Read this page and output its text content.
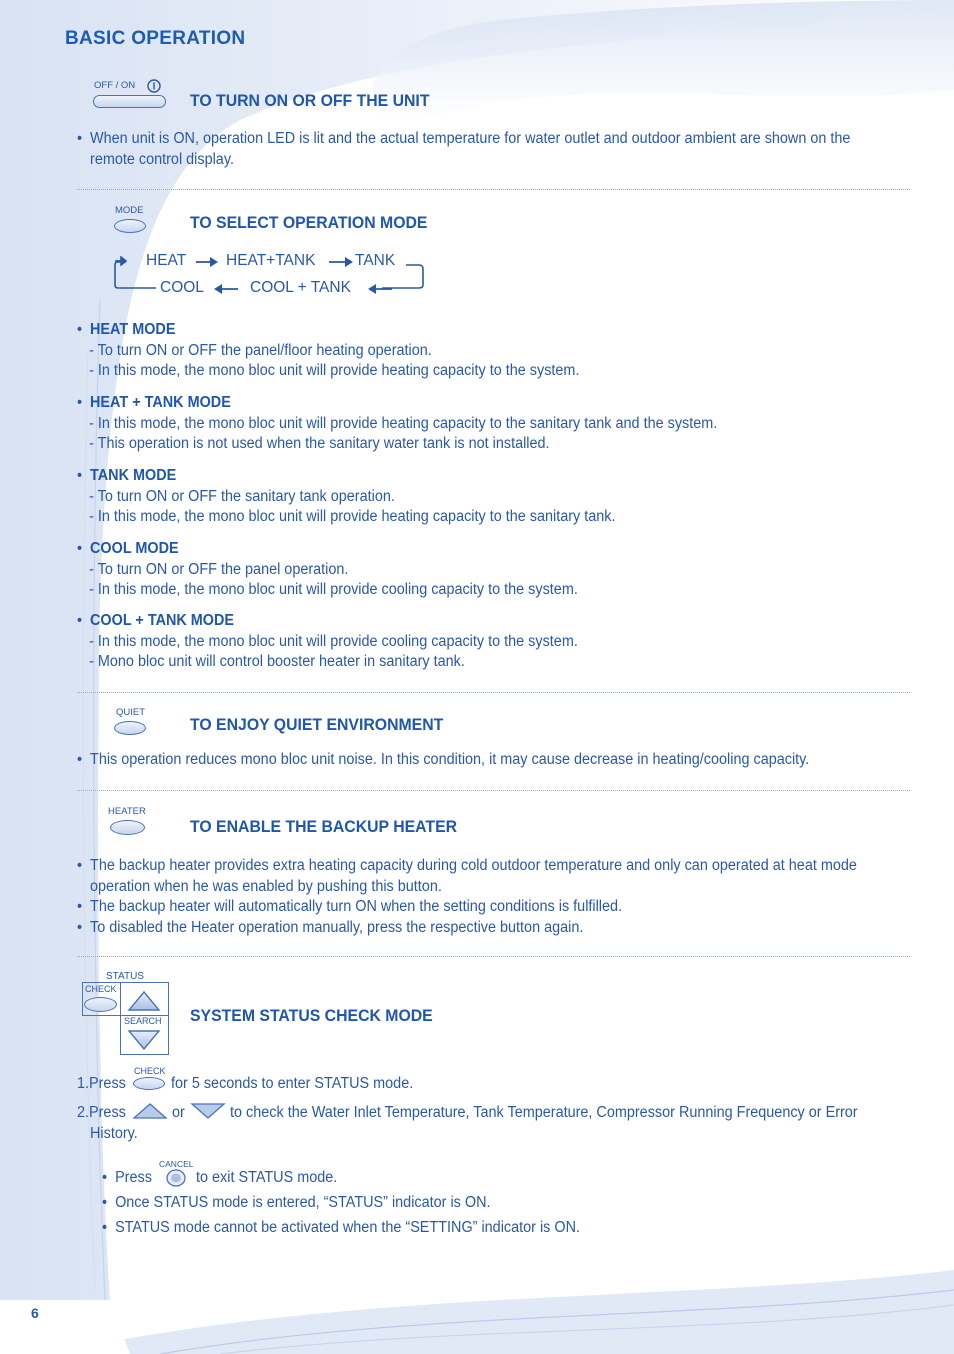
BASIC OPERATION
OFF / ON
TO TURN ON OR OFF THE UNIT
• When unit is ON, operation LED is lit and the actual temperature for water outlet and outdoor ambient are shown on the remote control display.
MODE
TO SELECT OPERATION MODE
HEAT	HEAT+TANK	TANK
COOL	COOL + TANK
• HEAT MODE
- To turn ON or OFF the panel/floor heating operation.
- In this mode, the mono bloc unit will provide heating capacity to the system.
• HEAT + TANK MODE
- In this mode, the mono bloc unit will provide heating capacity to the sanitary tank and the system.
- This operation is not used when the sanitary water tank is not installed.
• TANK MODE
- To turn ON or OFF the sanitary tank operation.
- In this mode, the mono bloc unit will provide heating capacity to the sanitary tank.
• COOL MODE
- To turn ON or OFF the panel operation.
- In this mode, the mono bloc unit will provide cooling capacity to the system.
• COOL + TANK MODE
- In this mode, the mono bloc unit will provide cooling capacity to the system.
- Mono bloc unit will control booster heater in sanitary tank.
QUIET
TO ENJOY QUIET ENVIRONMENT
• This operation reduces mono bloc unit noise. In this condition, it may cause decrease in heating/cooling capacity.
HEATER
TO ENABLE THE BACKUP HEATER
• The backup heater provides extra heating capacity during cold outdoor temperature and only can operated at heat mode operation when he was enabled by pushing this button.
• The backup heater will automatically turn ON when the setting conditions is fulfilled.
• To disabled the Heater operation manually, press the respective button again.
STATUS
CHECK
SEARCH SYSTEM STATUS CHECK MODE
1.Press
CHECK
for 5 seconds to enter STATUS mode.
2.Press	or	to check the Water Inlet Temperature, Tank Temperature, Compressor Running Frequency or Error
History.
•  Press
CANCEL
to exit STATUS mode.
•  Once STATUS mode is entered, “STATUS” indicator is ON.
•  STATUS mode cannot be activated when the “SETTING” indicator is ON.
6
